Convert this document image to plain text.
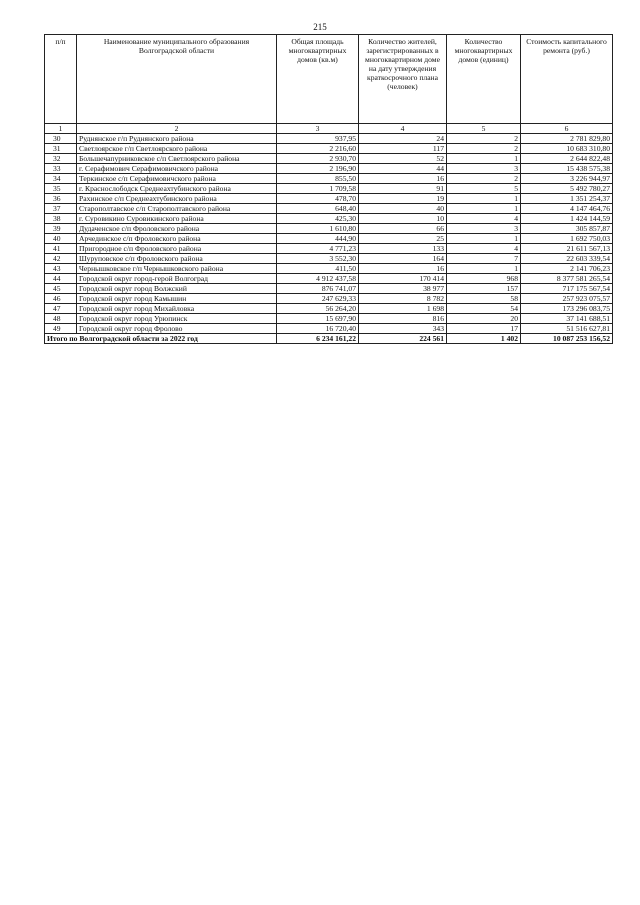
215
п/п	Наименование муниципального образования Волгоградской области	Общая площадь многоквартирных домов (кв.м)	Количество жителей, зарегистрированных в многоквартирном доме на дату утверждения краткосрочного плана (человек)	Количество многоквартирных домов (единиц)	Стоимость капитального ремонта (руб.)
1	2	3	4	5	6
30	Руднянское г/п Руднянского района	937,95	24	2	2 781 829,80
31	Светлоярское г/п Светлоярского района	2 216,60	117	2	10 683 310,80
32	Большечапурниковское с/п Светлоярского района	2 930,70	52	1	2 644 822,48
33	г. Серафимович Серафимовичского района	2 196,90	44	3	15 438 575,38
34	Теркинское с/п Серафимовичского района	855,50	16	2	3 226 944,97
35	г. Краснослободск Среднеахтубинского района	1 709,58	91	5	5 492 780,27
36	Рахинское с/п Среднеахтубинского района	478,70	19	1	1 351 254,37
37	Старополтавское с/п Старополтавского района	648,40	40	1	4 147 464,76
38	г. Суровикино Суровикинского района	425,30	10	4	1 424 144,59
39	Дудаченское с/п Фроловского района	1 610,80	66	3	305 857,87
40	Арчединское с/п Фроловского района	444,90	25	1	1 692 750,03
41	Пригородное с/п Фроловского района	4 771,23	133	4	21 611 567,13
42	Шуруповское с/п Фроловского района	3 552,30	164	7	22 603 339,54
43	Чернышковское г/п Чернышковского района	411,50	16	1	2 141 706,23
44	Городской округ город-герой Волгоград	4 912 437,58	170 414	968	8 377 581 265,54
45	Городской округ город Волжский	876 741,07	38 977	157	717 175 567,54
46	Городской округ город Камышин	247 629,33	8 782	58	257 923 075,57
47	Городской округ город Михайловка	56 264,20	1 698	54	173 296 083,75
48	Городской округ город Урюпинск	15 697,90	816	20	37 141 688,51
49	Городской округ город Фролово	16 720,40	343	17	51 516 627,81
Итого по Волгоградской области за 2022 год		6 234 161,22	224 561	1 402	10 087 253 156,52
